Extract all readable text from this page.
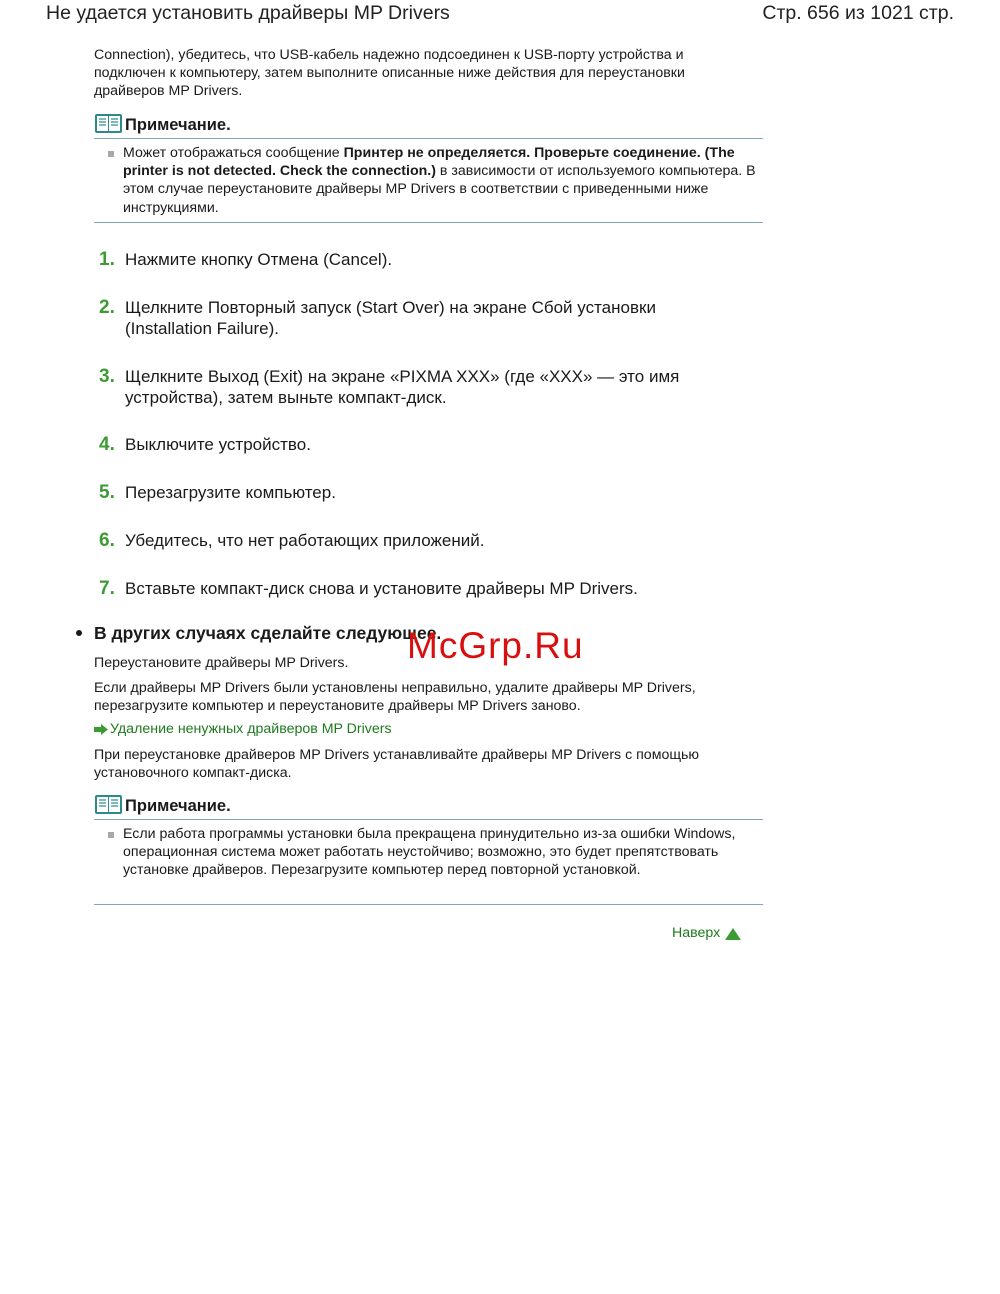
Не удается установить драйверы MP Drivers	Стр. 656 из 1021 стр.
Connection), убедитесь, что USB-кабель надежно подсоединен к USB-порту устройства и подключен к компьютеру, затем выполните описанные ниже действия для переустановки драйверов MP Drivers.
Примечание.
Может отображаться сообщение Принтер не определяется. Проверьте соединение. (The printer is not detected. Check the connection.) в зависимости от используемого компьютера. В этом случае переустановите драйверы MP Drivers в соответствии с приведенными ниже инструкциями.
1. Нажмите кнопку Отмена (Cancel).
2. Щелкните Повторный запуск (Start Over) на экране Сбой установки (Installation Failure).
3. Щелкните Выход (Exit) на экране «PIXMA XXX» (где «XXX» — это имя устройства), затем выньте компакт-диск.
4. Выключите устройство.
5. Перезагрузите компьютер.
6. Убедитесь, что нет работающих приложений.
7. Вставьте компакт-диск снова и установите драйверы MP Drivers.
В других случаях сделайте следующее.
Переустановите драйверы MP Drivers.
Если драйверы MP Drivers были установлены неправильно, удалите драйверы MP Drivers, перезагрузите компьютер и переустановите драйверы MP Drivers заново.
Удаление ненужных драйверов MP Drivers
При переустановке драйверов MP Drivers устанавливайте драйверы MP Drivers с помощью установочного компакт-диска.
Примечание.
Если работа программы установки была прекращена принудительно из-за ошибки Windows, операционная система может работать неустойчиво; возможно, это будет препятствовать установке драйверов. Перезагрузите компьютер перед повторной установкой.
Наверх
McGrp.Ru
